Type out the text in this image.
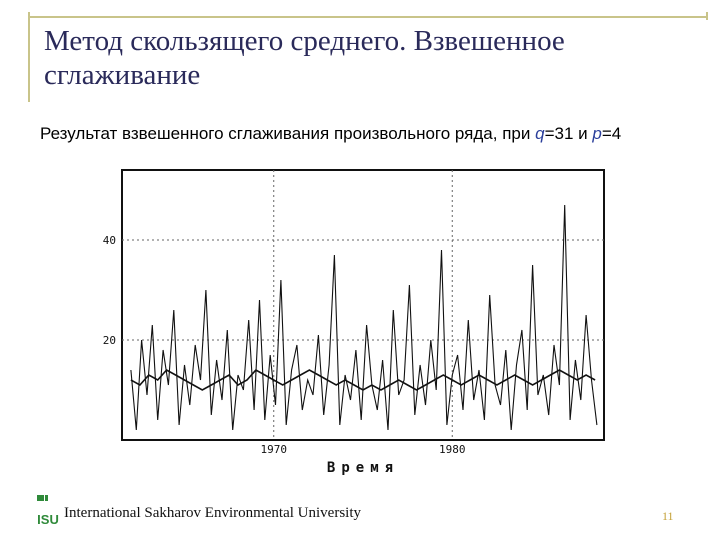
Метод скользящего среднего. Взвешенное сглаживание
Результат взвешенного сглаживания произвольного ряда, при q=31 и p=4
1970	1980
20
40
Время
ISU International Sakharov Environmental University	11
